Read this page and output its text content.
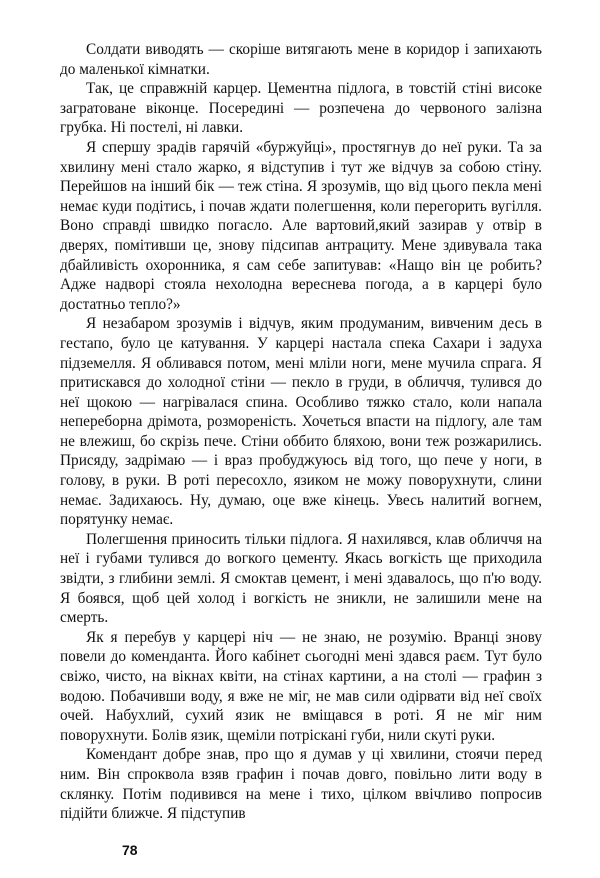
Солдати виводять — скоріше витягають мене в коридор і запихають до маленької кімнатки.

Так, це справжній карцер. Цементна підлога, в товстій стіні високе загратоване віконце. Посередині — розпечена до червоного залізна грубка. Ні постелі, ні лавки.

Я спершу зрадів гарячій «буржуйці», простягнув до неї руки. Та за хвилину мені стало жарко, я відступив і тут же відчув за собою стіну. Перейшов на інший бік — теж стіна. Я зрозумів, що від цього пекла мені немає куди подітись, і почав ждати полегшення, коли перегорить вугілля. Воно справді швидко погасло. Але вартовий,який зазирав у отвір в дверях, помітивши це, знову підсипав антрациту. Мене здивувала така дбайливість охоронника, я сам себе запитував: «Нащо він це робить? Адже надворі стояла нехолодна вереснева погода, а в карцері було достатньо тепло?»

Я незабаром зрозумів і відчув, яким продуманим, вивченим десь в гестапо, було це катування. У карцері настала спека Сахари і задуха підземелля. Я обливався потом, мені мліли ноги, мене мучила спрага. Я притискався до холодної стіни — пекло в груди, в обличчя, тулився до неї щокою — нагрівалася спина. Особливо тяжко стало, коли напала непереборна дрімота, розмореність. Хочеться впасти на підлогу, але там не влежиш, бо скрізь пече. Стіни оббито бляхою, вони теж розжарились. Присяду, задрімаю — і враз пробуджуюсь від того, що пече у ноги, в голову, в руки. В роті пересохло, язиком не можу поворухнути, слини немає. Задихаюсь. Ну, думаю, оце вже кінець. Увесь налитий вогнем, порятунку немає.

Полегшення приносить тільки підлога. Я нахилявся, клав обличчя на неї і губами тулився до вогкого цементу. Якась вогкість ще приходила звідти, з глибини землі. Я смоктав цемент, і мені здавалось, що п'ю воду. Я боявся, щоб цей холод і вогкість не зникли, не залишили мене на смерть.

Як я перебув у карцері ніч — не знаю, не розумію. Вранці знову повели до коменданта. Його кабінет сьогодні мені здався раєм. Тут було свіжо, чисто, на вікнах квіти, на стінах картини, а на столі — графин з водою. Побачивши воду, я вже не міг, не мав сили одірвати від неї своїх очей. Набухлий, сухий язик не вміщався в роті. Я не міг ним поворухнути. Болів язик, щеміли потріскані губи, нили скуті руки.

Комендант добре знав, про що я думав у ці хвилини, стоячи перед ним. Він спроквола взяв графин і почав довго, повільно лити воду в склянку. Потім подивився на мене і тихо, цілком ввічливо попросив підійти ближче. Я підступив

78
